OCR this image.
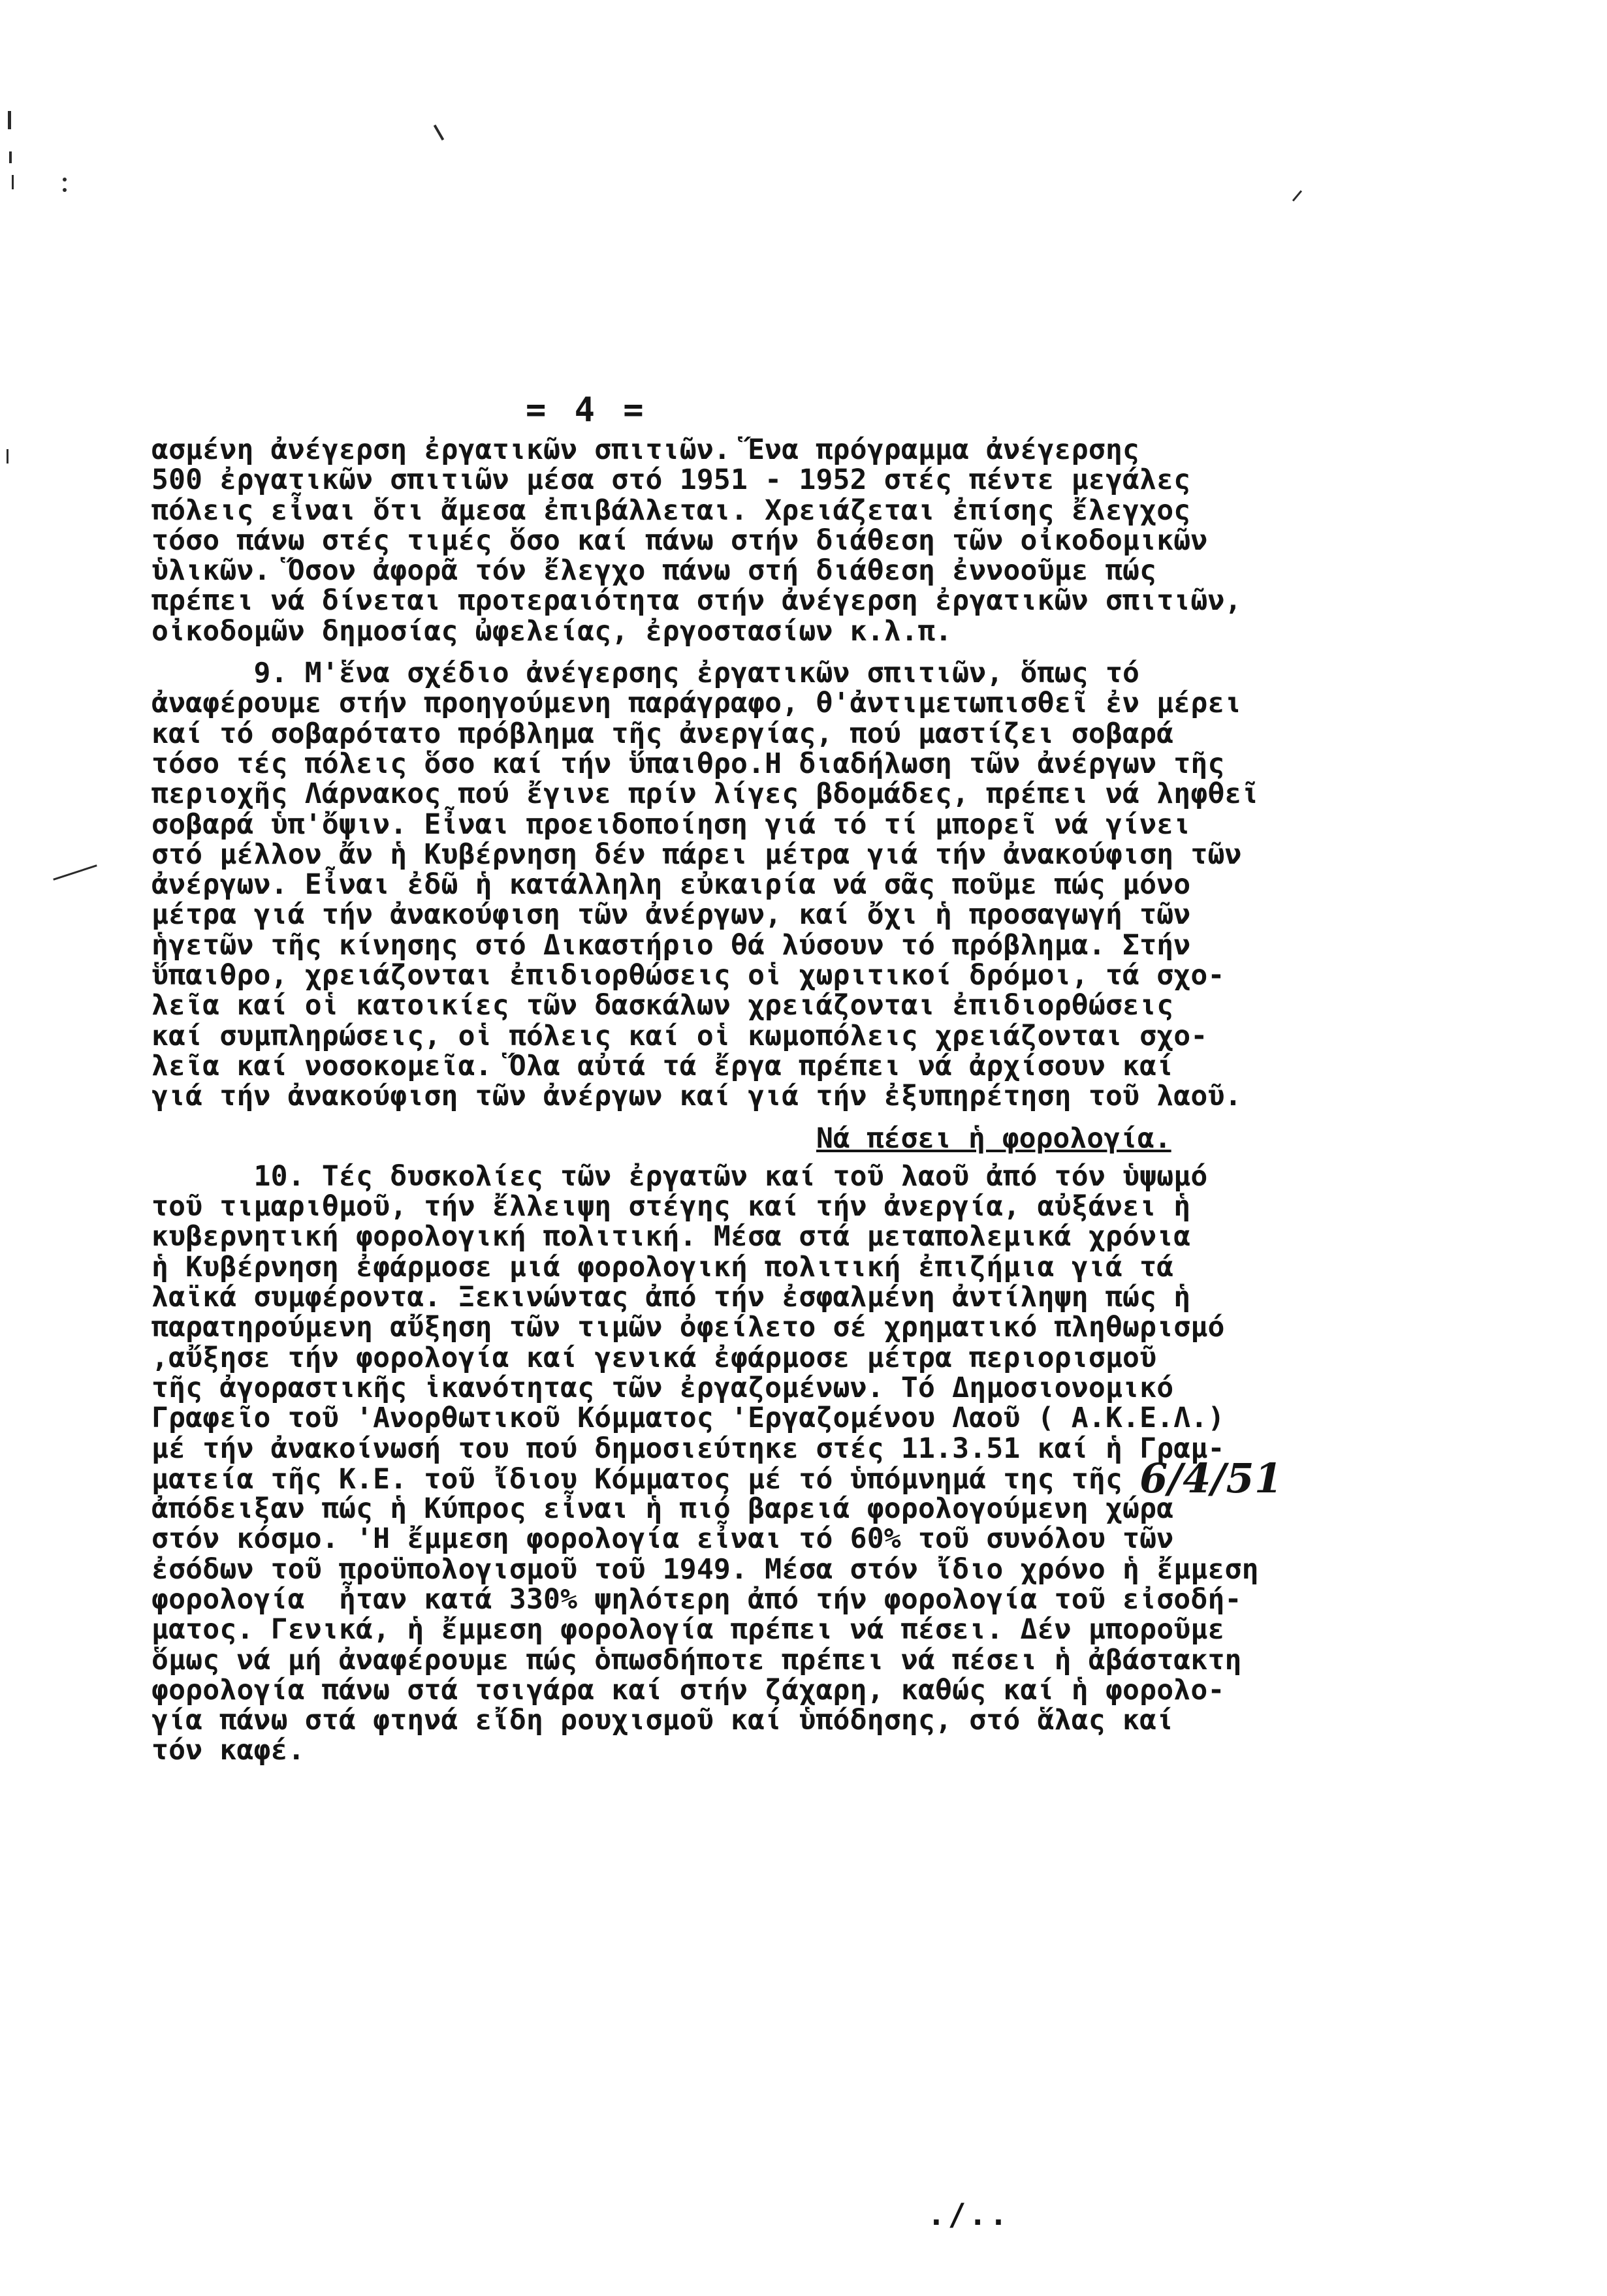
= 4 =
ασμένη ἀνέγερση ἐργατικῶν σπιτιῶν. Ἕνα πρόγραμμα ἀνέγερσης
500 ἐργατικῶν σπιτιῶν μέσα στό 1951 - 1952 στές πέντε μεγάλες
πόλεις εἶναι ὅτι ἄμεσα ἐπιβάλλεται. Χρειάζεται ἐπίσης ἔλεγχος
τόσο πάνω στές τιμές ὅσο καί πάνω στήν διάθεση τῶν οἰκοδομικῶν
ὑλικῶν. Ὅσον ἀφορᾶ τόν ἔλεγχο πάνω στή διάθεση ἐννοοῦμε πώς
πρέπει νά δίνεται προτεραιότητα στήν ἀνέγερση ἐργατικῶν σπιτιῶν,
οἰκοδομῶν δημοσίας ὠφελείας, ἐργοστασίων κ.λ.π.
9. Μ'ἕνα σχέδιο ἀνέγερσης ἐργατικῶν σπιτιῶν, ὅπως τό
ἀναφέρουμε στήν προηγούμενη παράγραφο, θ'ἀντιμετωπισθεῖ ἐν μέρει
καί τό σοβαρότατο πρόβλημα τῆς ἀνεργίας, πού μαστίζει σοβαρά
τόσο τές πόλεις ὅσο καί τήν ὕπαιθρο.Η διαδήλωση τῶν ἀνέργων τῆς
περιοχῆς Λάρνακος πού ἔγινε πρίν λίγες βδομάδες, πρέπει νά ληφθεῖ
σοβαρά ὑπ'ὄψιν. Εἶναι προειδοποίηση γιά τό τί μπορεῖ νά γίνει
στό μέλλον ἄν ἡ Κυβέρνηση δέν πάρει μέτρα γιά τήν ἀνακούφιση τῶν
ἀνέργων. Εἶναι ἐδῶ ἡ κατάλληλη εὐκαιρία νά σᾶς ποῦμε πώς μόνο
μέτρα γιά τήν ἀνακούφιση τῶν ἀνέργων, καί ὄχι ἡ προσαγωγή τῶν
ἡγετῶν τῆς κίνησης στό Δικαστήριο θά λύσουν τό πρόβλημα. Στήν
ὕπαιθρο, χρειάζονται ἐπιδιορθώσεις οἱ χωριτικοί δρόμοι, τά σχο-
λεῖα καί οἱ κατοικίες τῶν δασκάλων χρειάζονται ἐπιδιορθώσεις
καί συμπληρώσεις, οἱ πόλεις καί οἱ κωμοπόλεις χρειάζονται σχο-
λεῖα καί νοσοκομεῖα. Ὅλα αὐτά τά ἔργα πρέπει νά ἀρχίσουν καί
γιά τήν ἀνακούφιση τῶν ἀνέργων καί γιά τήν ἐξυπηρέτηση τοῦ λαοῦ.
Νά πέσει ἡ φορολογία.
10. Τές δυσκολίες τῶν ἐργατῶν καί τοῦ λαοῦ ἀπό τόν ὑψωμό
τοῦ τιμαριθμοῦ, τήν ἔλλειψη στέγης καί τήν ἀνεργία, αὐξάνει ἡ
κυβερνητική φορολογική πολιτική. Μέσα στά μεταπολεμικά χρόνια
ἡ Κυβέρνηση ἐφάρμοσε μιά φορολογική πολιτική ἐπιζήμια γιά τά
λαϊκά συμφέροντα. Ξεκινώντας ἀπό τήν ἐσφαλμένη ἀντίληψη πώς ἡ
παρατηρούμενη αὔξηση τῶν τιμῶν ὀφείλετο σέ χρηματικό πληθωρισμό
,αὔξησε τήν φορολογία καί γενικά ἐφάρμοσε μέτρα περιορισμοῦ
τῆς ἀγοραστικῆς ἱκανότητας τῶν ἐργαζομένων. Τό Δημοσιονομικό
Γραφεῖο τοῦ 'Ανορθωτικοῦ Κόμματος 'Εργαζομένου Λαοῦ ( Α.Κ.Ε.Λ.)
μέ τήν ἀνακοίνωσή του πού δημοσιεύτηκε στές 11.3.51 καί ἡ Γραμ-
ματεία τῆς Κ.Ε. τοῦ ἴδιου Κόμματος μέ τό ὑπόμνημά της τῆς 6/4/51
ἀπόδειξαν πώς ἡ Κύπρος εἶναι ἡ πιό βαρειά φορολογούμενη χώρα
στόν κόσμο. 'Η ἔμμεση φορολογία εἶναι τό 60% τοῦ συνόλου τῶν
ἐσόδων τοῦ προϋπολογισμοῦ τοῦ 1949. Μέσα στόν ἴδιο χρόνο ἡ ἔμμεση
φορολογία  ἦταν κατά 330% ψηλότερη ἀπό τήν φορολογία τοῦ εἰσοδή-
ματος. Γενικά, ἡ ἔμμεση φορολογία πρέπει νά πέσει. Δέν μποροῦμε
ὅμως νά μή ἀναφέρουμε πώς ὁπωσδήποτε πρέπει νά πέσει ἡ ἀβάστακτη
φορολογία πάνω στά τσιγάρα καί στήν ζάχαρη, καθώς καί ἡ φορολο-
γία πάνω στά φτηνά εἴδη ρουχισμοῦ καί ὑπόδησης, στό ἅλας καί
τόν καφέ.
./..
